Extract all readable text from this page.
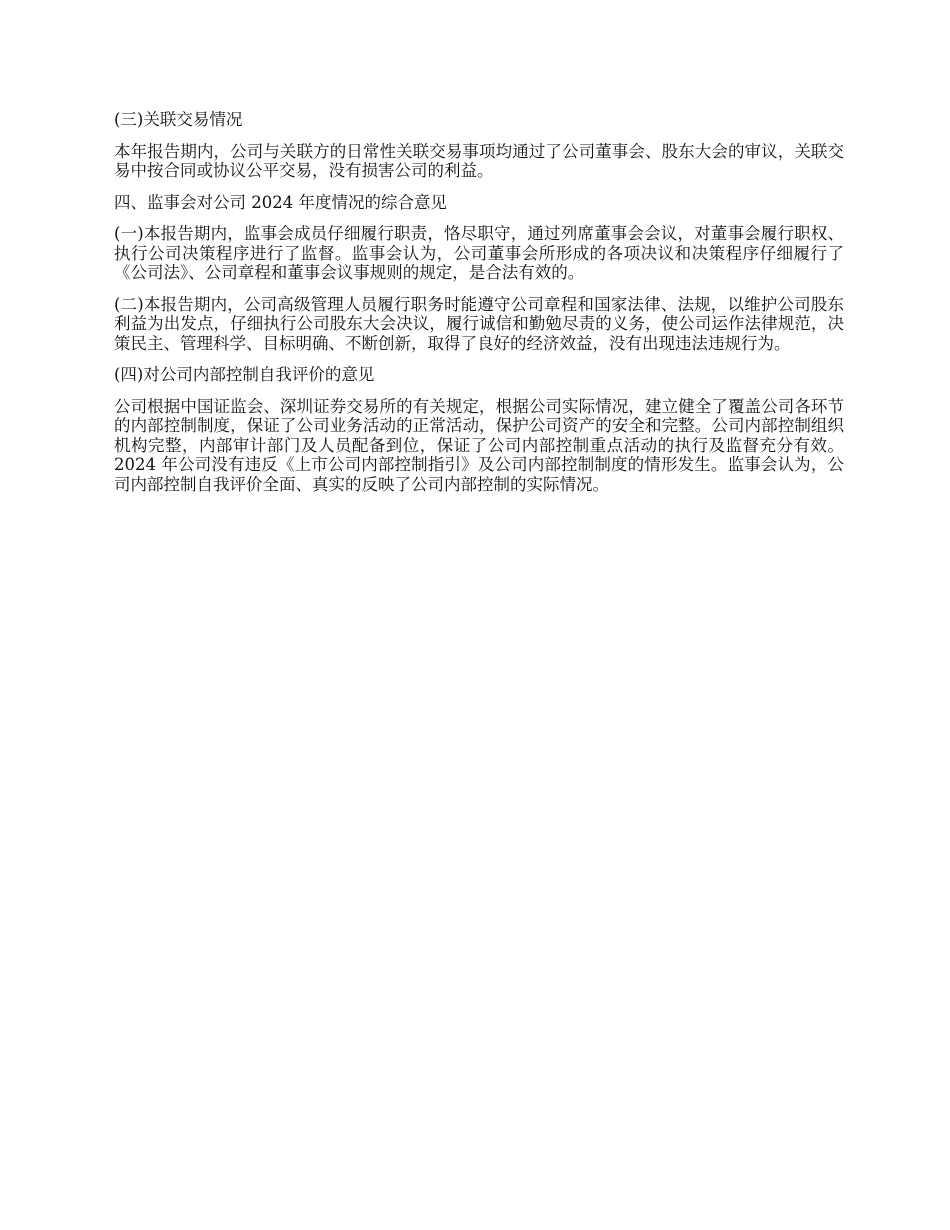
(三)关联交易情况

本年报告期内，公司与关联方的日常性关联交易事项均通过了公司董事会、股东大会的审议，关联交易中按合同或协议公平交易，没有损害公司的利益。

四、监事会对公司 2024 年度情况的综合意见

(一)本报告期内，监事会成员仔细履行职责，恪尽职守，通过列席董事会会议，对董事会履行职权、执行公司决策程序进行了监督。监事会认为，公司董事会所形成的各项决议和决策程序仔细履行了《公司法》、公司章程和董事会议事规则的规定，是合法有效的。

(二)本报告期内，公司高级管理人员履行职务时能遵守公司章程和国家法律、法规，以维护公司股东利益为出发点，仔细执行公司股东大会决议，履行诚信和勤勉尽责的义务，使公司运作法律规范，决策民主、管理科学、目标明确、不断创新，取得了良好的经济效益，没有出现违法违规行为。

(四)对公司内部控制自我评价的意见

公司根据中国证监会、深圳证券交易所的有关规定，根据公司实际情况，建立健全了覆盖公司各环节的内部控制制度，保证了公司业务活动的正常活动，保护公司资产的安全和完整。公司内部控制组织机构完整，内部审计部门及人员配备到位，保证了公司内部控制重点活动的执行及监督充分有效。2024 年公司没有违反《上市公司内部控制指引》及公司内部控制制度的情形发生。监事会认为，公司内部控制自我评价全面、真实的反映了公司内部控制的实际情况。
